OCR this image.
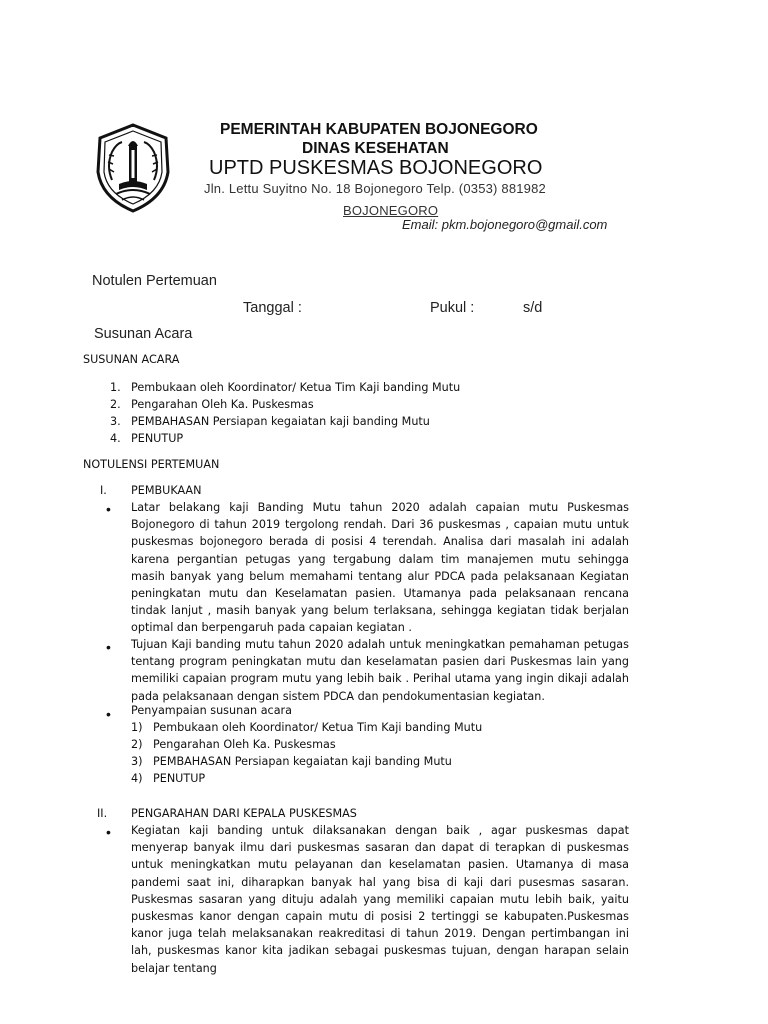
PEMERINTAH KABUPATEN BOJONEGORO
DINAS KESEHATAN
UPTD PUSKESMAS BOJONEGORO
Jln. Lettu Suyitno No. 18 Bojonegoro Telp. (0353) 881982
BOJONEGORO
Email: pkm.bojonegoro@gmail.com
Notulen Pertemuan
Tanggal :	Pukul :	s/d
Susunan Acara
SUSUNAN ACARA
1. Pembukaan oleh Koordinator/ Ketua Tim Kaji banding Mutu
2. Pengarahan Oleh Ka. Puskesmas
3. PEMBAHASAN Persiapan kegaiatan kaji banding Mutu
4. PENUTUP
NOTULENSI PERTEMUAN
I. PEMBUKAAN
• Latar belakang kaji Banding Mutu tahun 2020 adalah capaian mutu Puskesmas Bojonegoro di tahun 2019 tergolong rendah. Dari 36 puskesmas , capaian mutu untuk puskesmas bojonegoro berada di posisi 4 terendah. Analisa dari masalah ini adalah karena pergantian petugas yang tergabung dalam tim manajemen mutu sehingga masih banyak yang belum memahami tentang alur PDCA pada pelaksanaan Kegiatan peningkatan mutu dan Keselamatan pasien. Utamanya pada pelaksanaan rencana tindak lanjut , masih banyak yang belum terlaksana, sehingga kegiatan tidak berjalan optimal dan berpengaruh pada capaian kegiatan .
• Tujuan Kaji banding mutu tahun 2020 adalah untuk meningkatkan pemahaman petugas tentang program peningkatan mutu dan keselamatan pasien dari Puskesmas lain yang memiliki capaian program mutu yang lebih baik . Perihal utama yang ingin dikaji adalah pada pelaksanaan dengan sistem PDCA dan pendokumentasian kegiatan.
• Penyampaian susunan acara
1) Pembukaan oleh Koordinator/ Ketua Tim Kaji banding Mutu
2) Pengarahan Oleh Ka. Puskesmas
3) PEMBAHASAN Persiapan kegaiatan kaji banding Mutu
4) PENUTUP
II. PENGARAHAN DARI KEPALA PUSKESMAS
• Kegiatan kaji banding untuk dilaksanakan dengan baik , agar puskesmas dapat menyerap banyak ilmu dari puskesmas sasaran dan dapat di terapkan di puskesmas untuk meningkatkan mutu pelayanan dan keselamatan pasien. Utamanya di masa pandemi saat ini, diharapkan banyak hal yang bisa di kaji dari pusesmas sasaran. Puskesmas sasaran yang dituju adalah yang memiliki capaian mutu lebih baik, yaitu puskesmas kanor dengan capain mutu di posisi 2 tertinggi se kabupaten.Puskesmas kanor juga telah melaksanakan reakreditasi di tahun 2019. Dengan pertimbangan ini lah, puskesmas kanor kita jadikan sebagai puskesmas tujuan, dengan harapan selain belajar tentang
